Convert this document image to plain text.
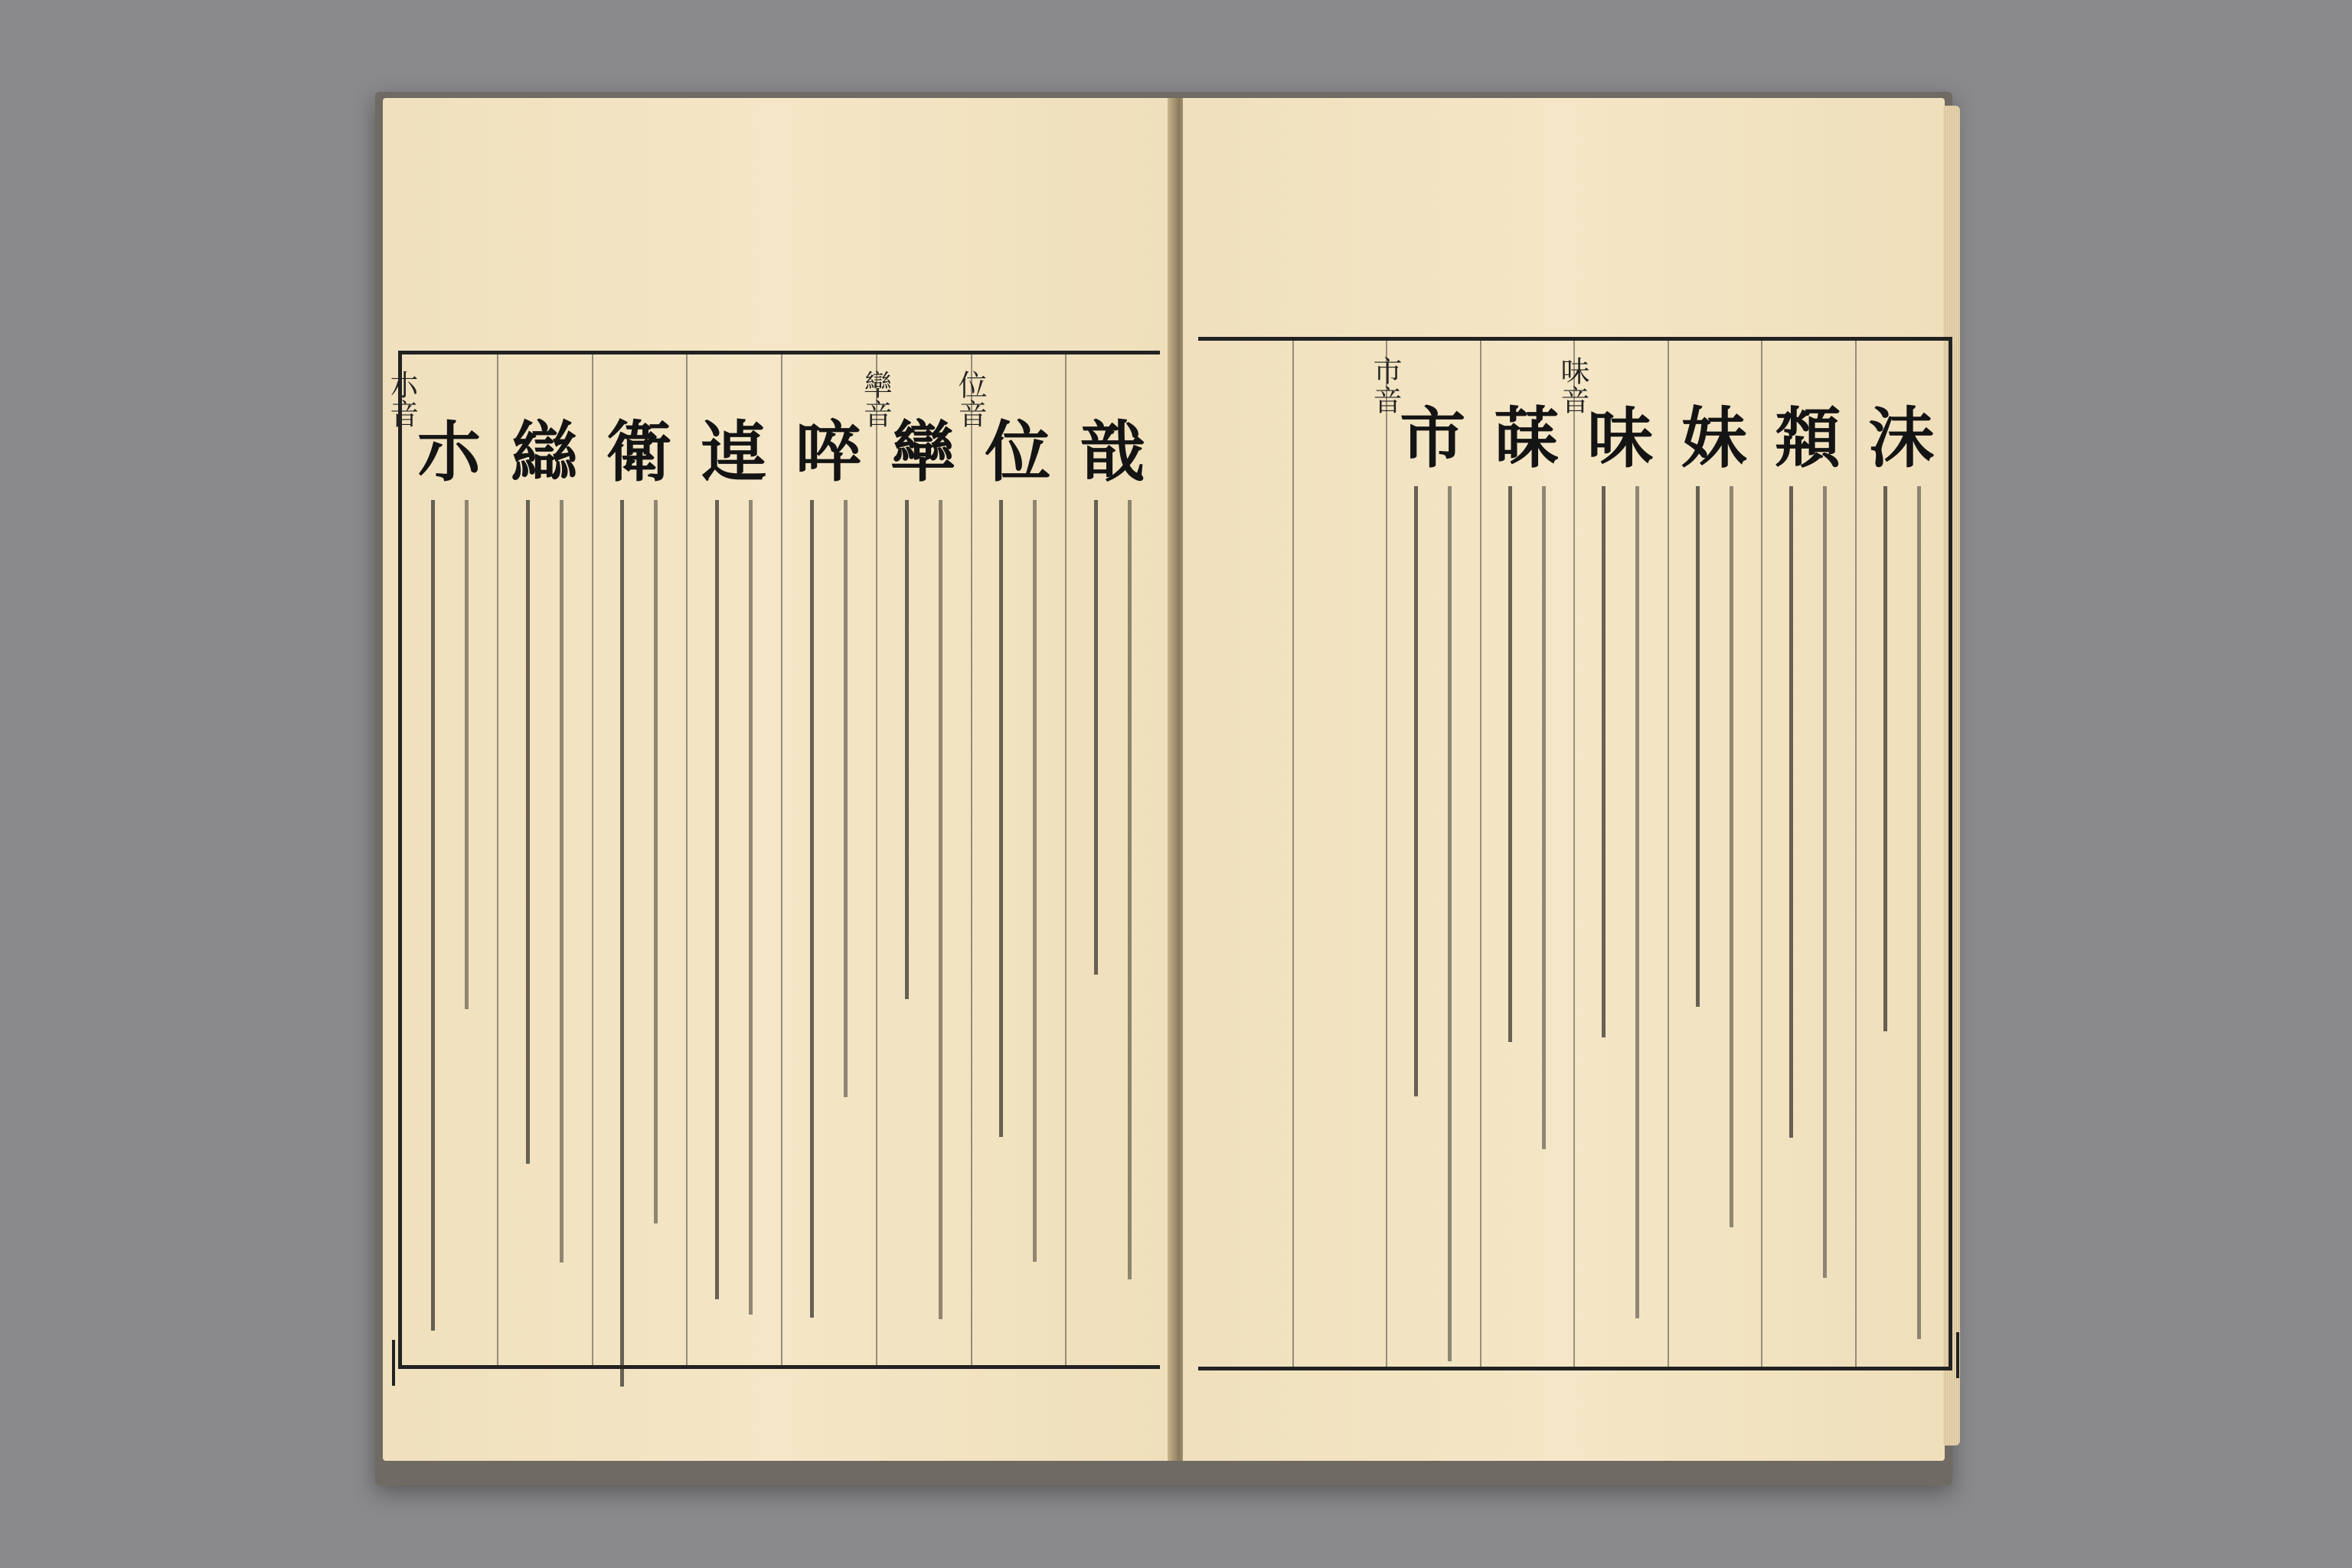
戠
位音
位
卛音
卛
啐
逴
衛
䜌
朩音
朩	沬
頮
妹
味音
味
菋
市音
市
